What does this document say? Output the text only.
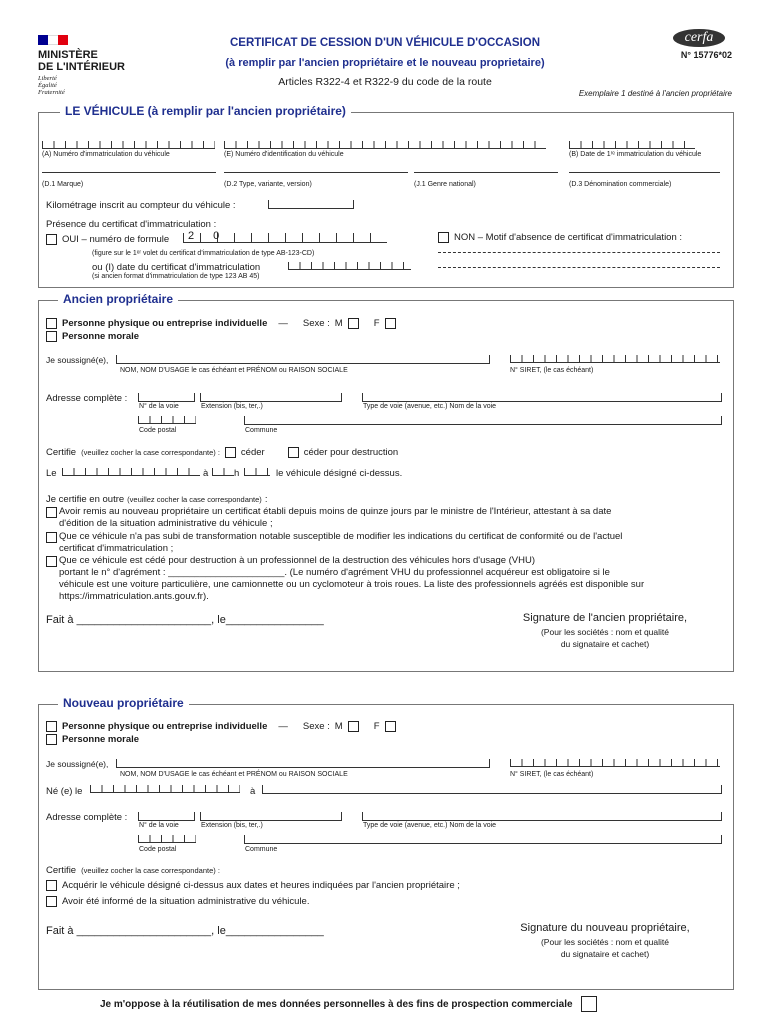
MINISTÈRE
DE L'INTÉRIEUR
Liberté
Égalité
Fraternité
CERTIFICAT DE CESSION D'UN VÉHICULE D'OCCASION
(à remplir par l'ancien propriétaire et le nouveau proprietaire)
Articles R322-4 et R322-9 du code de la route
cerfa
N° 15776*02
Exemplaire 1 destiné à l'ancien propriétaire
LE VÉHICULE (à remplir par l'ancien propriétaire)
(A) Numéro d'immatriculation du véhicule	(E) Numéro d'identification du véhicule	(B) Date de 1ʳᵉ immatriculation du véhicule
(D.1 Marque)	(D.2 Type, variante, version)	(J.1 Genre national)	(D.3 Dénomination commerciale)
Kilométrage inscrit au compteur du véhicule :
Présence du certificat d'immatriculation :
OUI – numéro de formule 2 0
(figure sur le 1ᵉʳ volet du certificat d'immatriculation de type AB-123-CD)
ou (I) date du certificat d'immatriculation
(si ancien format d'immatriculation de type 123 AB 45)
NON – Motif d'absence de certificat d'immatriculation :
Ancien propriétaire
Personne physique ou entreprise individuelle — Sexe : M	F
Personne morale
Je soussigné(e),
NOM, NOM D'USAGE le cas échéant et PRÉNOM ou RAISON SOCIALE	N° SIRET, (le cas échéant)
Adresse complète :
N° de la voie	Extension (bis, ter,.)	Type de voie (avenue, etc.) Nom de la voie
Code postal	Commune
Certifie (veuillez cocher la case correspondante) : céder	céder pour destruction
Le	à	h	le véhicule désigné ci-dessus.
Je certifie en outre (veuillez cocher la case correspondante) :
Avoir remis au nouveau propriétaire un certificat établi depuis moins de quinze jours par le ministre de l'Intérieur, attestant à sa date
d'édition de la situation administrative du véhicule ;
Que ce véhicule n'a pas subi de transformation notable susceptible de modifier les indications du certificat de conformité ou de l'actuel
certificat d'immatriculation ;
Que ce véhicule est cédé pour destruction à un professionnel de la destruction des véhicules hors d'usage (VHU)
portant le n° d'agrément : ______________________. (Le numéro d'agrément VHU du professionnel acquéreur est obligatoire si le
véhicule est une voiture particulière, une camionnette ou un cyclomoteur à trois roues. La liste des professionnels agréés est disponible sur
https://immatriculation.ants.gouv.fr).
Fait à ______________________, le________________	Signature de l'ancien propriétaire,
(Pour les sociétés : nom et qualité
du signataire et cachet)
Nouveau propriétaire
Personne physique ou entreprise individuelle — Sexe : M	F
Personne morale
Je soussigné(e),
NOM, NOM D'USAGE le cas échéant et PRÉNOM ou RAISON SOCIALE	N° SIRET, (le cas échéant)
Né (e) le	à
Adresse complète :
N° de la voie	Extension (bis, ter,.)	Type de voie (avenue, etc.) Nom de la voie
Code postal	Commune
Certifie (veuillez cocher la case correspondante) :
Acquérir le véhicule désigné ci-dessus aux dates et heures indiquées par l'ancien propriétaire ;
Avoir été informé de la situation administrative du véhicule.
Fait à ______________________, le________________	Signature du nouveau propriétaire,
(Pour les sociétés : nom et qualité
du signataire et cachet)
Je m'oppose à la réutilisation de mes données personnelles à des fins de prospection commerciale
